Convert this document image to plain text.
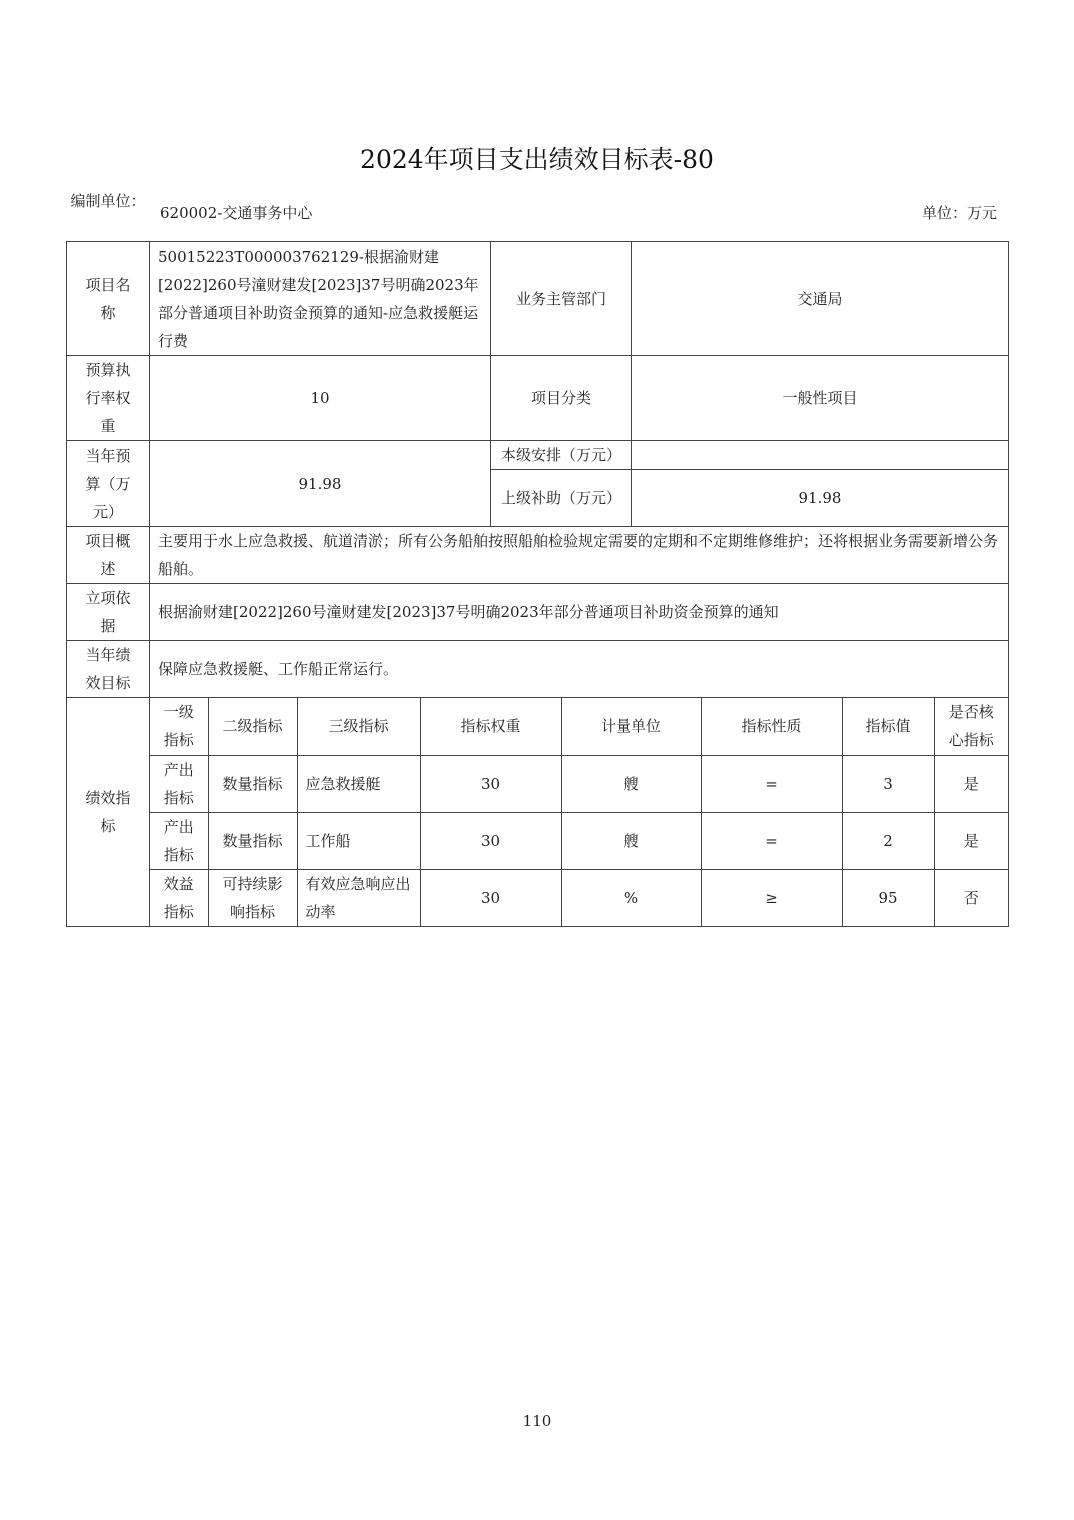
2024年项目支出绩效目标表-80
编制单位：
620002-交通事务中心	单位：万元
项目名称	50015223T000003762129-根据渝财建[2022]260号潼财建发[2023]37号明确2023年部分普通项目补助资金预算的通知-应急救援艇运行费	业务主管部门	交通局
预算执行率权重	10	项目分类	一般性项目
当年预算（万元）	91.98	本级安排（万元）	
上级补助（万元）	91.98
项目概述	主要用于水上应急救援、航道清淤；所有公务船舶按照船舶检验规定需要的定期和不定期维修维护；还将根据业务需要新增公务船舶。
立项依据	根据渝财建[2022]260号潼财建发[2023]37号明确2023年部分普通项目补助资金预算的通知
当年绩效目标	保障应急救援艇、工作船正常运行。
绩效指标	
一级指标	二级指标	三级指标	指标权重	计量单位	指标性质	指标值	是否核心指标
产出指标	数量指标	应急救援艇	30	艘	=	3	是
产出指标	数量指标	工作船	30	艘	=	2	是
效益指标	可持续影响指标	有效应急响应出动率	30	%	≥	95	否
110
